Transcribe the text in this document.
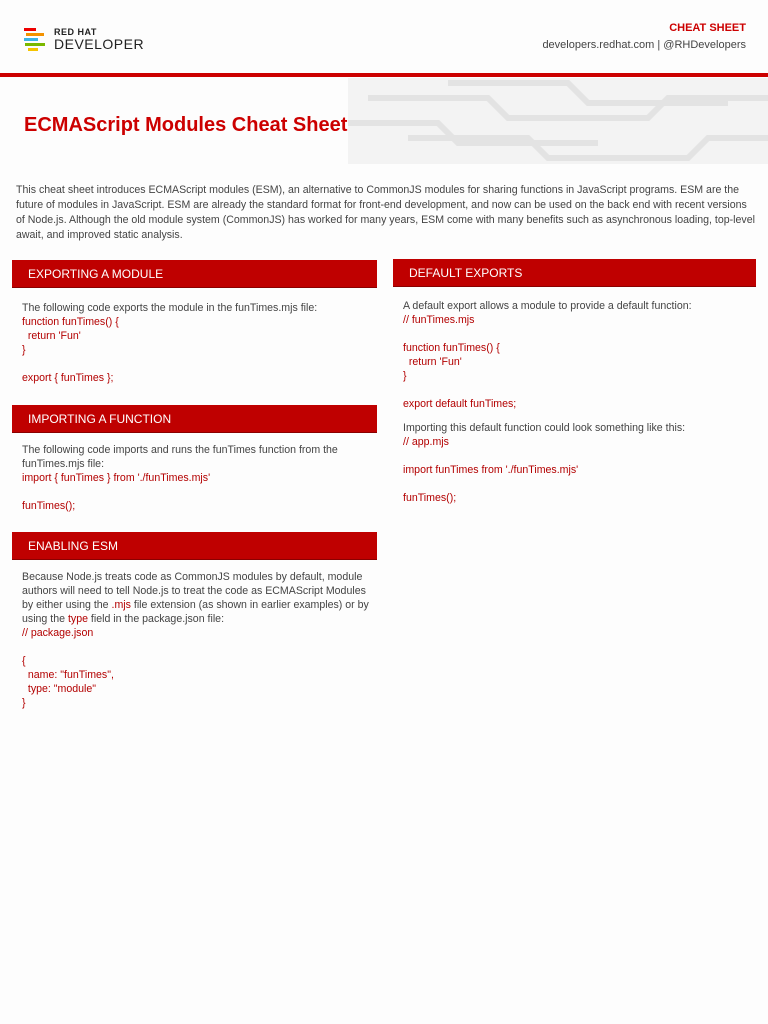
RED HAT
DEVELOPER
CHEAT SHEET
developers.redhat.com | @RHDevelopers
ECMAScript Modules Cheat Sheet
This cheat sheet introduces ECMAScript modules (ESM), an alternative to CommonJS modules for sharing functions in JavaScript programs. ESM are the future of modules in JavaScript. ESM are already the standard format for front-end development, and now can be used on the back end with recent versions of Node.js. Although the old module system (CommonJS) has worked for many years, ESM come with many benefits such as asynchronous loading, top-level await, and improved static analysis.
EXPORTING A MODULE
The following code exports the module in the funTimes.mjs file:
function funTimes() {
return 'Fun'
}
export { funTimes };
IMPORTING A FUNCTION
The following code imports and runs the funTimes function from the funTimes.mjs file:
import { funTimes } from './funTimes.mjs'
funTimes();
ENABLING ESM
Because Node.js treats code as CommonJS modules by default, module authors will need to tell Node.js to treat the code as ECMAScript Modules by either using the .mjs file extension (as shown in earlier examples) or by using the type field in the package.json file:
// package.json
{
name: "funTimes",
type: "module"
}
DEFAULT EXPORTS
A default export allows a module to provide a default function:
// funTimes.mjs
function funTimes() {
return 'Fun'
}
export default funTimes;
Importing this default function could look something like this:
// app.mjs
import funTimes from './funTimes.mjs'
funTimes();
